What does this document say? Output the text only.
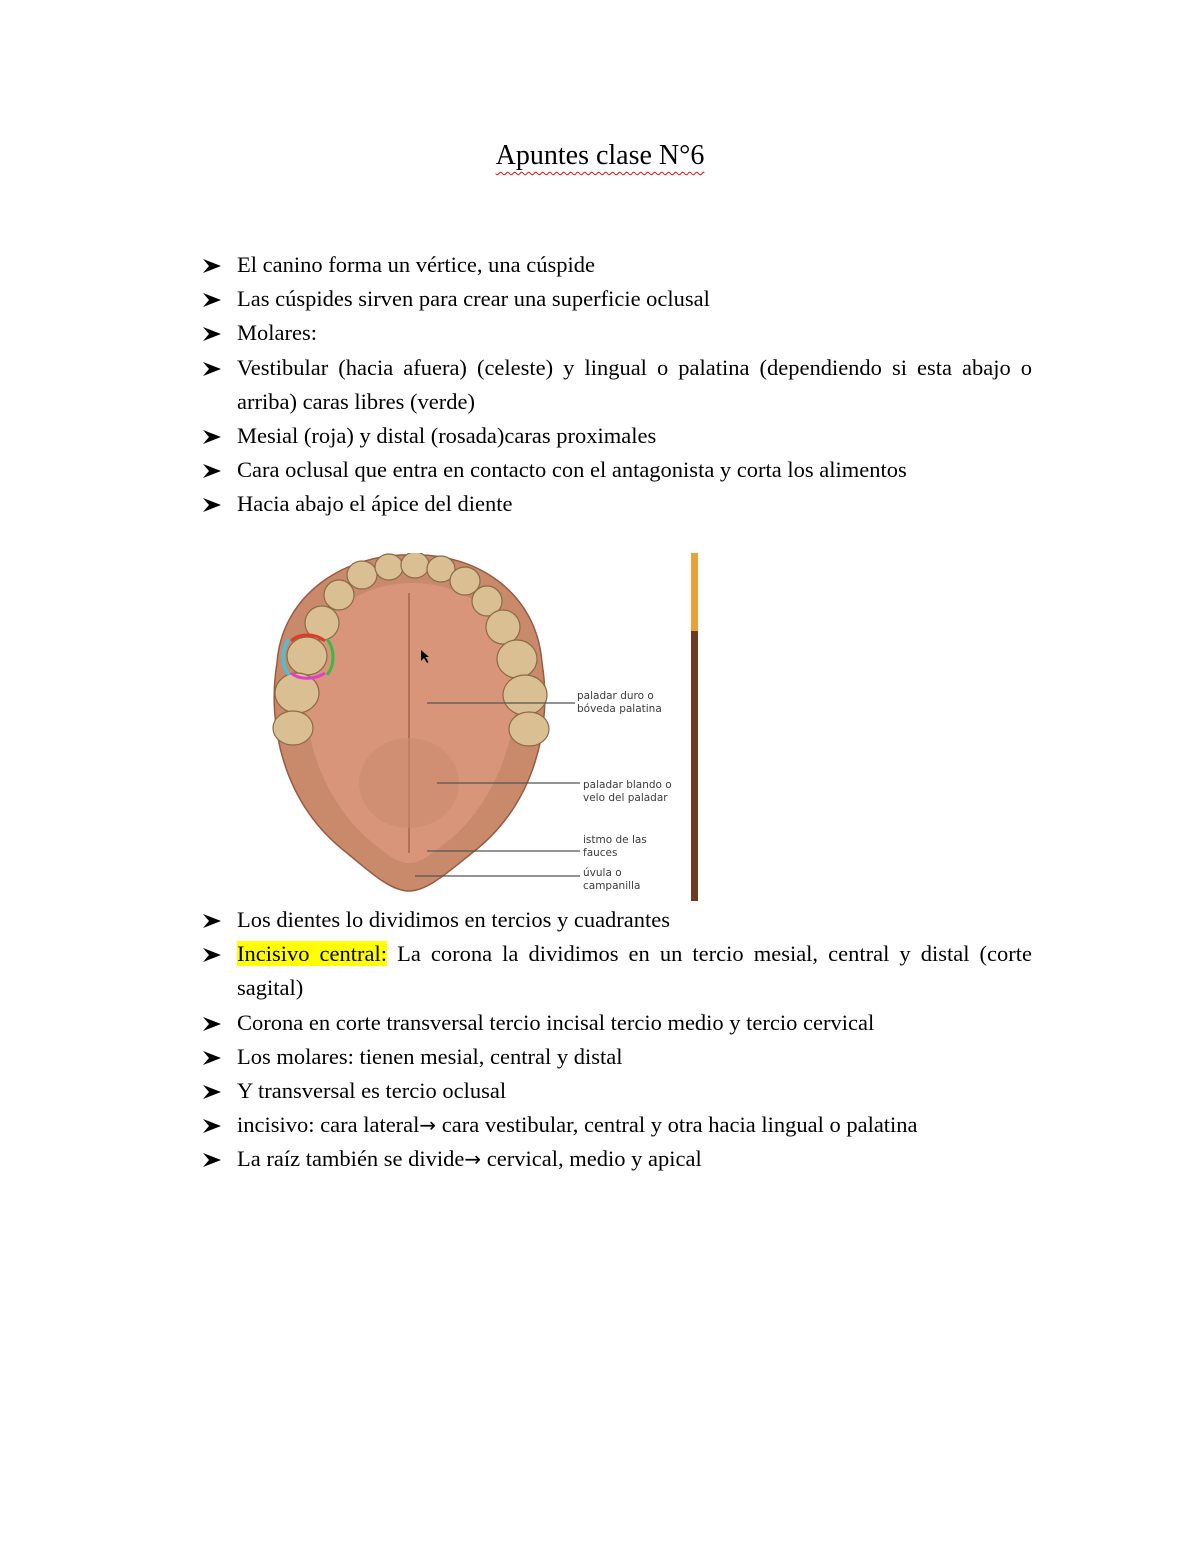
Apuntes clase N°6
El canino forma un vértice, una cúspide
Las cúspides sirven para crear una superficie oclusal
Molares:
Vestibular (hacia afuera) (celeste) y lingual o palatina (dependiendo si esta abajo o arriba) caras libres (verde)
Mesial (roja) y distal (rosada)caras proximales
Cara oclusal que entra en contacto con el antagonista y corta los alimentos
Hacia abajo el ápice del diente
paladar duro o
bóveda palatina
paladar blando o
velo del paladar
istmo de las
fauces
úvula o
campanilla
Los dientes lo dividimos en tercios y cuadrantes
Incisivo central: La corona la dividimos en un tercio mesial, central y distal (corte sagital)
Corona en corte transversal tercio incisal tercio medio y tercio cervical
Los molares: tienen mesial, central y distal
Y transversal es tercio oclusal
incisivo: cara lateral→ cara vestibular, central y otra hacia lingual o palatina
La raíz también se divide→ cervical, medio y apical
